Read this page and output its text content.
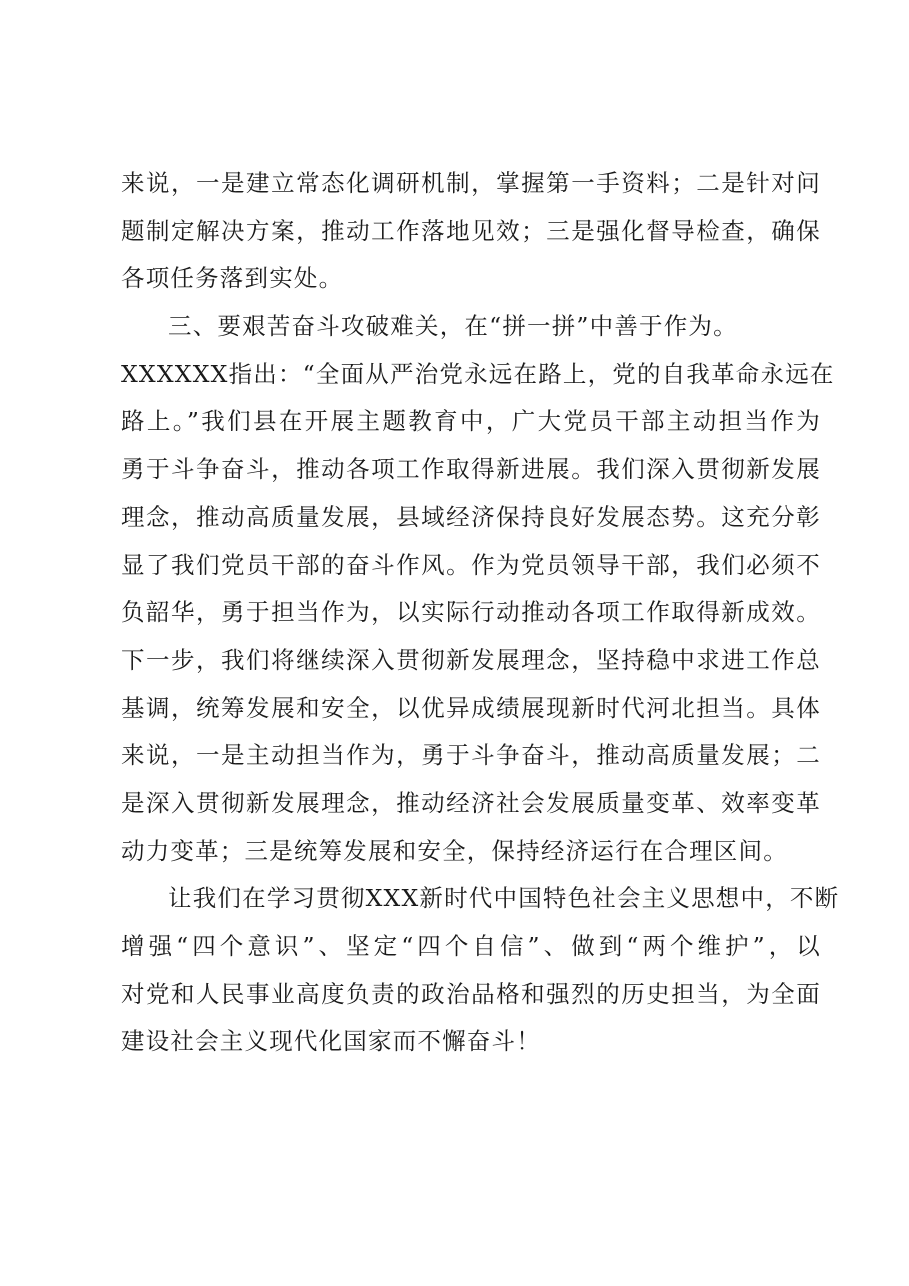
来说，一是建立常态化调研机制，掌握第一手资料；二是针对问
题制定解决方案，推动工作落地见效；三是强化督导检查，确保
各项任务落到实处。
三、要艰苦奋斗攻破难关，在“拼一拼”中善于作为。
XXXXXX指出：“全面从严治党永远在路上，党的自我革命永远在
路上。”我们县在开展主题教育中，广大党员干部主动担当作为
勇于斗争奋斗，推动各项工作取得新进展。我们深入贯彻新发展
理念，推动高质量发展，县域经济保持良好发展态势。这充分彰
显了我们党员干部的奋斗作风。作为党员领导干部，我们必须不
负韶华，勇于担当作为，以实际行动推动各项工作取得新成效。
下一步，我们将继续深入贯彻新发展理念，坚持稳中求进工作总
基调，统筹发展和安全，以优异成绩展现新时代河北担当。具体
来说，一是主动担当作为，勇于斗争奋斗，推动高质量发展；二
是深入贯彻新发展理念，推动经济社会发展质量变革、效率变革
动力变革；三是统筹发展和安全，保持经济运行在合理区间。
让我们在学习贯彻XXX新时代中国特色社会主义思想中，不断
增强“四个意识”、坚定“四个自信”、做到“两个维护”，以
对党和人民事业高度负责的政治品格和强烈的历史担当，为全面
建设社会主义现代化国家而不懈奋斗！
